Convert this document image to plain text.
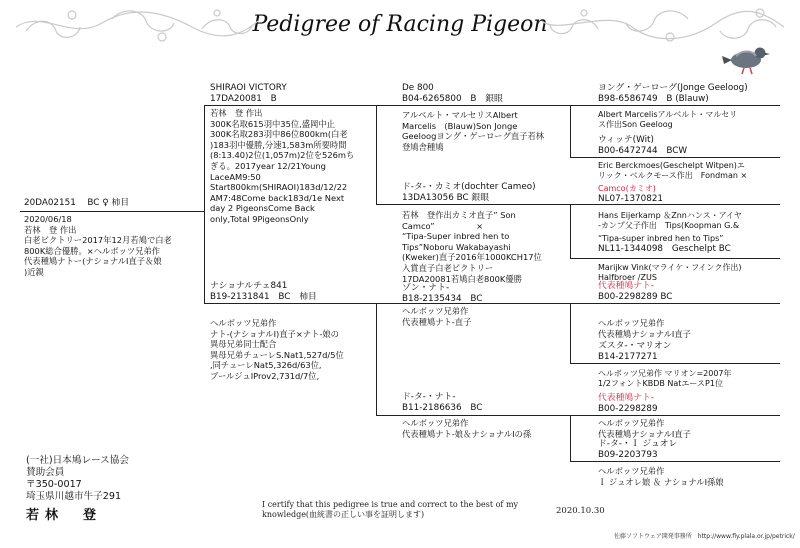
Pedigree of Racing Pigeon
20DA02151　 BC ♀ 柿目
2020/06/18
若林　登 作出
白老ビクトリー2017年12月若鳩で白老
800K総合優勝。×ヘルボッツ兄弟作
代表種鳩ナトー(ナショナルⅠ直子＆娘
)近親
SHIRAOI VICTORY
17DA20081　B
若林　登 作出
300K名取615羽中35位,盛岡中止
300K名取283羽中86位800km(白老
)183羽中優勝,分速1,583m所要時間
(8:13.40)2位(1,057m)2位を526mち
ぎる。2017year 12/21Young
LaceAM9:50
Start800km(SHIRAOI)183d/12/22
AM7:48Come back183d/1e Next
day 2 PigeonsCome Back
only,Total 9PigeonsOnly
ナショナルチェ841
B19-2131841　BC　柿目
ヘルボッツ兄弟作
ナト-(ナショナルⅠ)直子×ナト-娘の
異母兄弟同士配合
異母兄弟チューレS.Nat1,527d/5位
,同チューレNat5,326d/63位,
ブールジュⅠProv2,731d/7位,
De 800
B04-6265800　B　銀眼
アルベルト・マルセリスAlbert
Marcelis　(Blauw)Son Jonge
Geeloogヨング・ゲーローグ直子若林
登鳩舎種鳩
ド-タ-・カミオ(dochter Cameo)
13DA13056 BC 銀眼
若林　登作出カミオ直子” Son
Camco”　　　　　×
“Tipa-Super inbred hen to
Tips”Noboru Wakabayashi
(Kweker)直子2016年1000KCH17位
入賞直子白老ビクトリー
17DA20081若鳩白老800K優勝
ゾン・ナト-
B18-2135434　BC
ヘルボッツ兄弟作
代表種鳩ナト-直子
ド-タ-・ナト-
B11-2186636　BC
ヘルボッツ兄弟作
代表種鳩ナト-娘＆ナショナルⅠの孫
ヨング・ゲーローグ(Jonge Geeloog)
B98-6586749　B (Blauw)
Albert Marcelisアルベルト・マルセリ
ス作出Son Geeloog
ウィッテ(Wit)
B00-6472744　BCW
Eric Berckmoes(Geschelpt Witpen)エ
リック・ベルクモース作出　Fondman ×
Camco(カミオ)
NL07-1370821
Hans Eijerkamp ＆Znnハンス・アイヤ
-カンプ父子作出　Tips(Koopman G.&
“Tipa-super inbred hen to Tips”
NL11-1344098　Geschelpt BC
Marijkw Vink(マライケ・フインク作出)
Halfbroer /ZUS
代表種鳩ナト-
B00-2298289 BC
ヘルボッツ兄弟作
代表種鳩ナショナルⅠ直子
ズスタ-・マリオン
B14-2177271
ヘルボッツ兄弟作 マリオン=2007年
1/2フォントKBDB NatエースP1位
代表種鳩ナト-
B00-2298289
ヘルボッツ兄弟作
代表種鳩ナショナルⅠ直子
ド-タ-・Ｉ ジュオレ
B09-2203793
ヘルボッツ兄弟作
Ｉ ジュオレ娘 ＆ ナショナルⅠ孫娘
(一社)日本鳩レース協会
賛助会員
〒350-0017
埼玉県川越市牛子291
若林　登
I certify that this pedigree is true and correct to the best of my
knowledge(血統書の正しい事を証明します)	2020.10.30
佐藤ソフトウェア開発事務所　http://www.fly.plala.or.jp/petrick/
